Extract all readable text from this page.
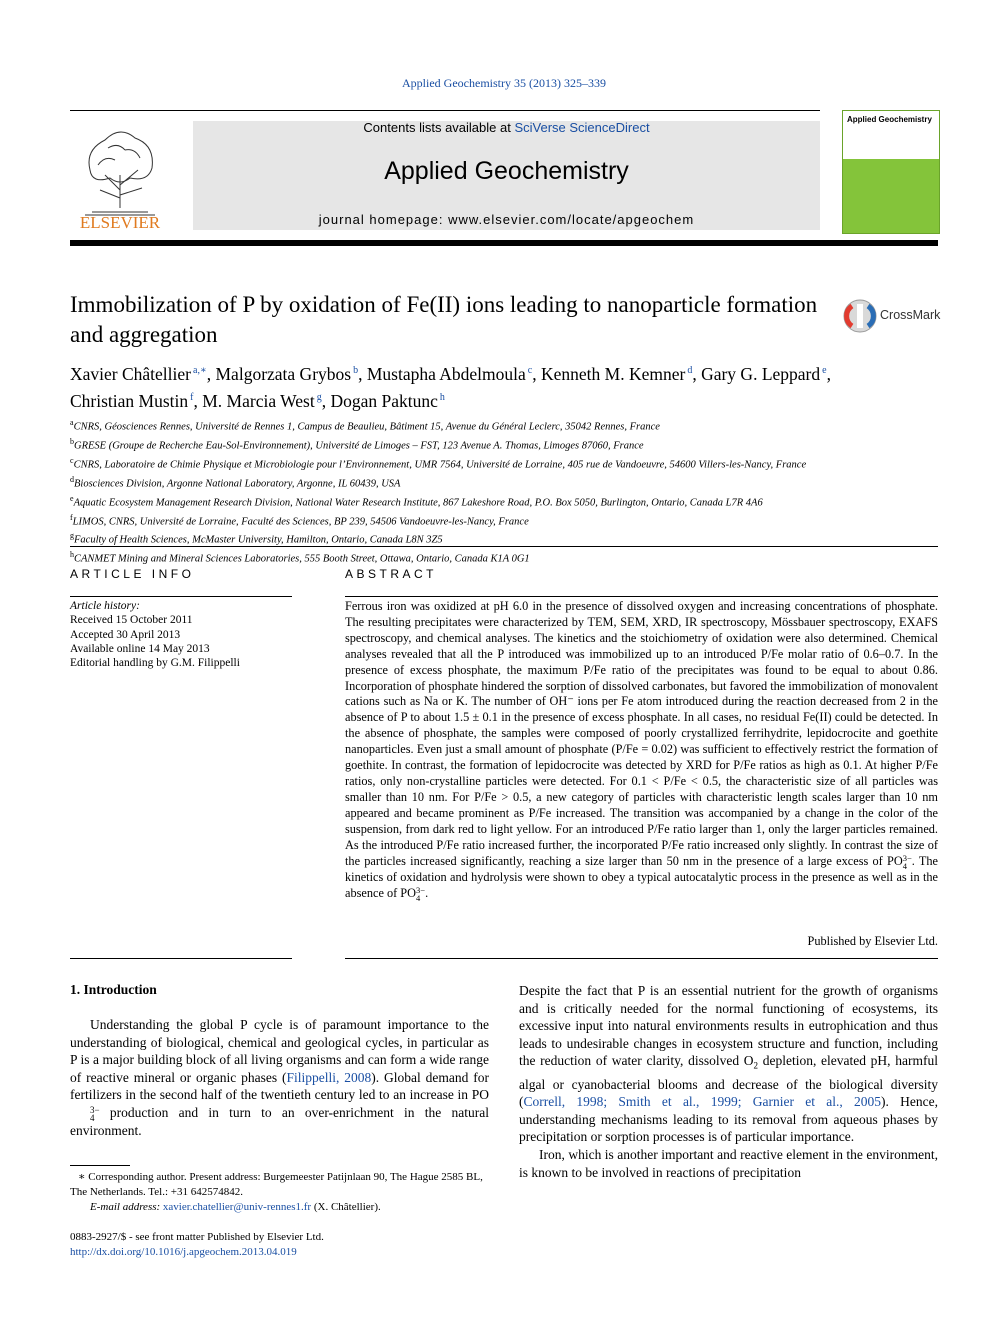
Applied Geochemistry 35 (2013) 325–339
ELSEVIER
Contents lists available at SciVerse ScienceDirect
Applied Geochemistry
journal homepage: www.elsevier.com/locate/apgeochem
Applied Geochemistry
Immobilization of P by oxidation of Fe(II) ions leading to nanoparticle formation and aggregation
CrossMark
Xavier Châtellier $^{a,∗}$, Malgorzata Grybos $^b$, Mustapha Abdelmoula $^c$, Kenneth M. Kemner $^d$, Gary G. Leppard $^e$,
Christian Mustin $^f$, M. Marcia West $^g$, Dogan Paktunc $^h$
$^a$CNRS, Géosciences Rennes, Université de Rennes 1, Campus de Beaulieu, Bâtiment 15, Avenue du Général Leclerc, 35042 Rennes, France
$^b$GRESE (Groupe de Recherche Eau-Sol-Environnement), Université de Limoges – FST, 123 Avenue A. Thomas, Limoges 87060, France
$^c$CNRS, Laboratoire de Chimie Physique et Microbiologie pour l’Environnement, UMR 7564, Université de Lorraine, 405 rue de Vandoeuvre, 54600 Villers-les-Nancy, France
$^d$Biosciences Division, Argonne National Laboratory, Argonne, IL 60439, USA
$^e$Aquatic Ecosystem Management Research Division, National Water Research Institute, 867 Lakeshore Road, P.O. Box 5050, Burlington, Ontario, Canada L7R 4A6
$^f$LIMOS, CNRS, Université de Lorraine, Faculté des Sciences, BP 239, 54506 Vandoeuvre-les-Nancy, France
$^g$Faculty of Health Sciences, McMaster University, Hamilton, Ontario, Canada L8N 3Z5
$^h$CANMET Mining and Mineral Sciences Laboratories, 555 Booth Street, Ottawa, Ontario, Canada K1A 0G1
ARTICLE INFO	ABSTRACT
Article history:
Received 15 October 2011
Accepted 30 April 2013
Available online 14 May 2013
Editorial handling by G.M. Filippelli
Ferrous iron was oxidized at pH 6.0 in the presence of dissolved oxygen and increasing concentrations of phosphate. The resulting precipitates were characterized by TEM, SEM, XRD, IR spectroscopy, Mössbauer spectroscopy, EXAFS spectroscopy, and chemical analyses. The kinetics and the stoichiometry of oxidation were also determined. Chemical analyses revealed that all the P introduced was immobilized up to an introduced P/Fe molar ratio of 0.6–0.7. In the presence of excess phosphate, the maximum P/Fe ratio of the precipitates was found to be equal to about 0.86. Incorporation of phosphate hindered the sorption of dissolved carbonates, but favored the immobilization of monovalent cations such as Na or K. The number of OH⁻ ions per Fe atom introduced during the reaction decreased from 2 in the absence of P to about 1.5 ± 0.1 in the presence of excess phosphate. In all cases, no residual Fe(II) could be detected. In the absence of phosphate, the samples were composed of poorly crystallized ferrihydrite, lepidocrocite and goethite nanoparticles. Even just a small amount of phosphate (P/Fe = 0.02) was sufficient to effectively restrict the formation of goethite. In contrast, the formation of lepidocrocite was detected by XRD for P/Fe ratios as high as 0.1. At higher P/Fe ratios, only non-crystalline particles were detected. For 0.1 < P/Fe < 0.5, the characteristic size of all particles was smaller than 10 nm. For P/Fe > 0.5, a new category of particles with characteristic length scales larger than 10 nm appeared and became prominent as P/Fe increased. The transition was accompanied by a change in the color of the suspension, from dark red to light yellow. For an introduced P/Fe ratio larger than 1, only the larger particles remained. As the introduced P/Fe ratio increased further, the incorporated P/Fe ratio increased only slightly. In contrast the size of the particles increased significantly, reaching a size larger than 50 nm in the presence of a large excess of PO 3−
4 . The kinetics of oxidation and hydrolysis were shown to obey a typical autocatalytic process in the presence as well as in the absence of PO 3−
4 .
Published by Elsevier Ltd.
1. Introduction
Understanding the global P cycle is of paramount importance to the understanding of biological, chemical and geological cycles, in particular as P is a major building block of all living organisms and can form a wide range of reactive mineral or organic phases (Filippelli, 2008). Global demand for fertilizers in the second half of the twentieth century led to an increase in PO
3−
4 production and in turn to an over-enrichment in the natural environment.

Despite the fact that P is an essential nutrient for the growth of organisms and is critically needed for the normal functioning of ecosystems, its excessive input into natural environments results in eutrophication and thus leads to undesirable changes in ecosystem structure and function, including the reduction of water clarity, dissolved $O_2$ depletion, elevated pH, harmful algal or cyanobacterial blooms and decrease of the biological diversity (Correll, 1998; Smith et al., 1999; Garnier et al., 2005). Hence, understanding mechanisms leading to its removal from aqueous phases by precipitation or sorption processes is of particular importance.

Iron, which is another important and reactive element in the environment, is known to be involved in reactions of precipitation

∗ Corresponding author. Present address: Burgemeester Patijnlaan 90, The Hague 2585 BL, The Netherlands. Tel.: +31 642574842.
E-mail address: xavier.chatellier@univ-rennes1.fr (X. Châtellier).
0883-2927/$ - see front matter Published by Elsevier Ltd.
http://dx.doi.org/10.1016/j.apgeochem.2013.04.019
